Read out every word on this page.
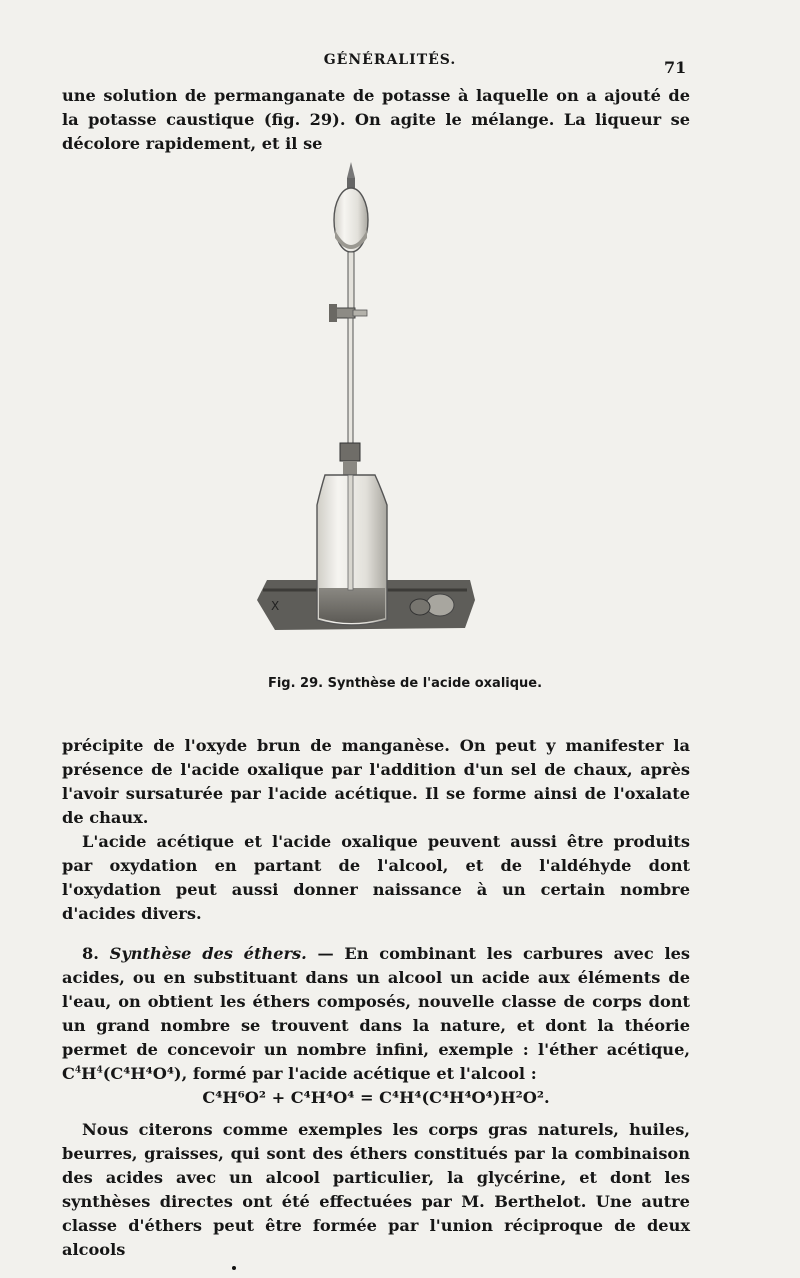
GÉNÉRALITÉS.	71

une solution de permanganate de potasse à laquelle on a ajouté de la potasse caustique (fig. 29). On agite le mélange. La liqueur se décolore rapidement, et il se

X
Fig. 29. Synthèse de l'acide oxalique.

précipite de l'oxyde brun de manganèse. On peut y manifester la présence de l'acide oxalique par l'addition d'un sel de chaux, après l'avoir sursaturée par l'acide acétique. Il se forme ainsi de l'oxalate de chaux.

L'acide acétique et l'acide oxalique peuvent aussi être produits par oxydation en partant de l'alcool, et de l'aldéhyde dont l'oxydation peut aussi donner naissance à un certain nombre d'acides divers.

8. Synthèse des éthers. — En combinant les carbures avec les acides, ou en substituant dans un alcool un acide aux éléments de l'eau, on obtient les éthers composés, nouvelle classe de corps dont un grand nombre se trouvent dans la nature, et dont la théorie permet de concevoir un nombre infini, exemple : l'éther acétique, $C^4H^4(C^4H^4O^4)$, formé par l'acide acétique et l'alcool :

C⁴H⁶O² + C⁴H⁴O⁴ = C⁴H⁴(C⁴H⁴O⁴)H²O².

Nous citerons comme exemples les corps gras naturels, huiles, beurres, graisses, qui sont des éthers constitués par la combinaison des acides avec un alcool particulier, la glycérine, et dont les synthèses directes ont été effectuées par M. Berthelot. Une autre classe d'éthers peut être formée par l'union réciproque de deux alcools
